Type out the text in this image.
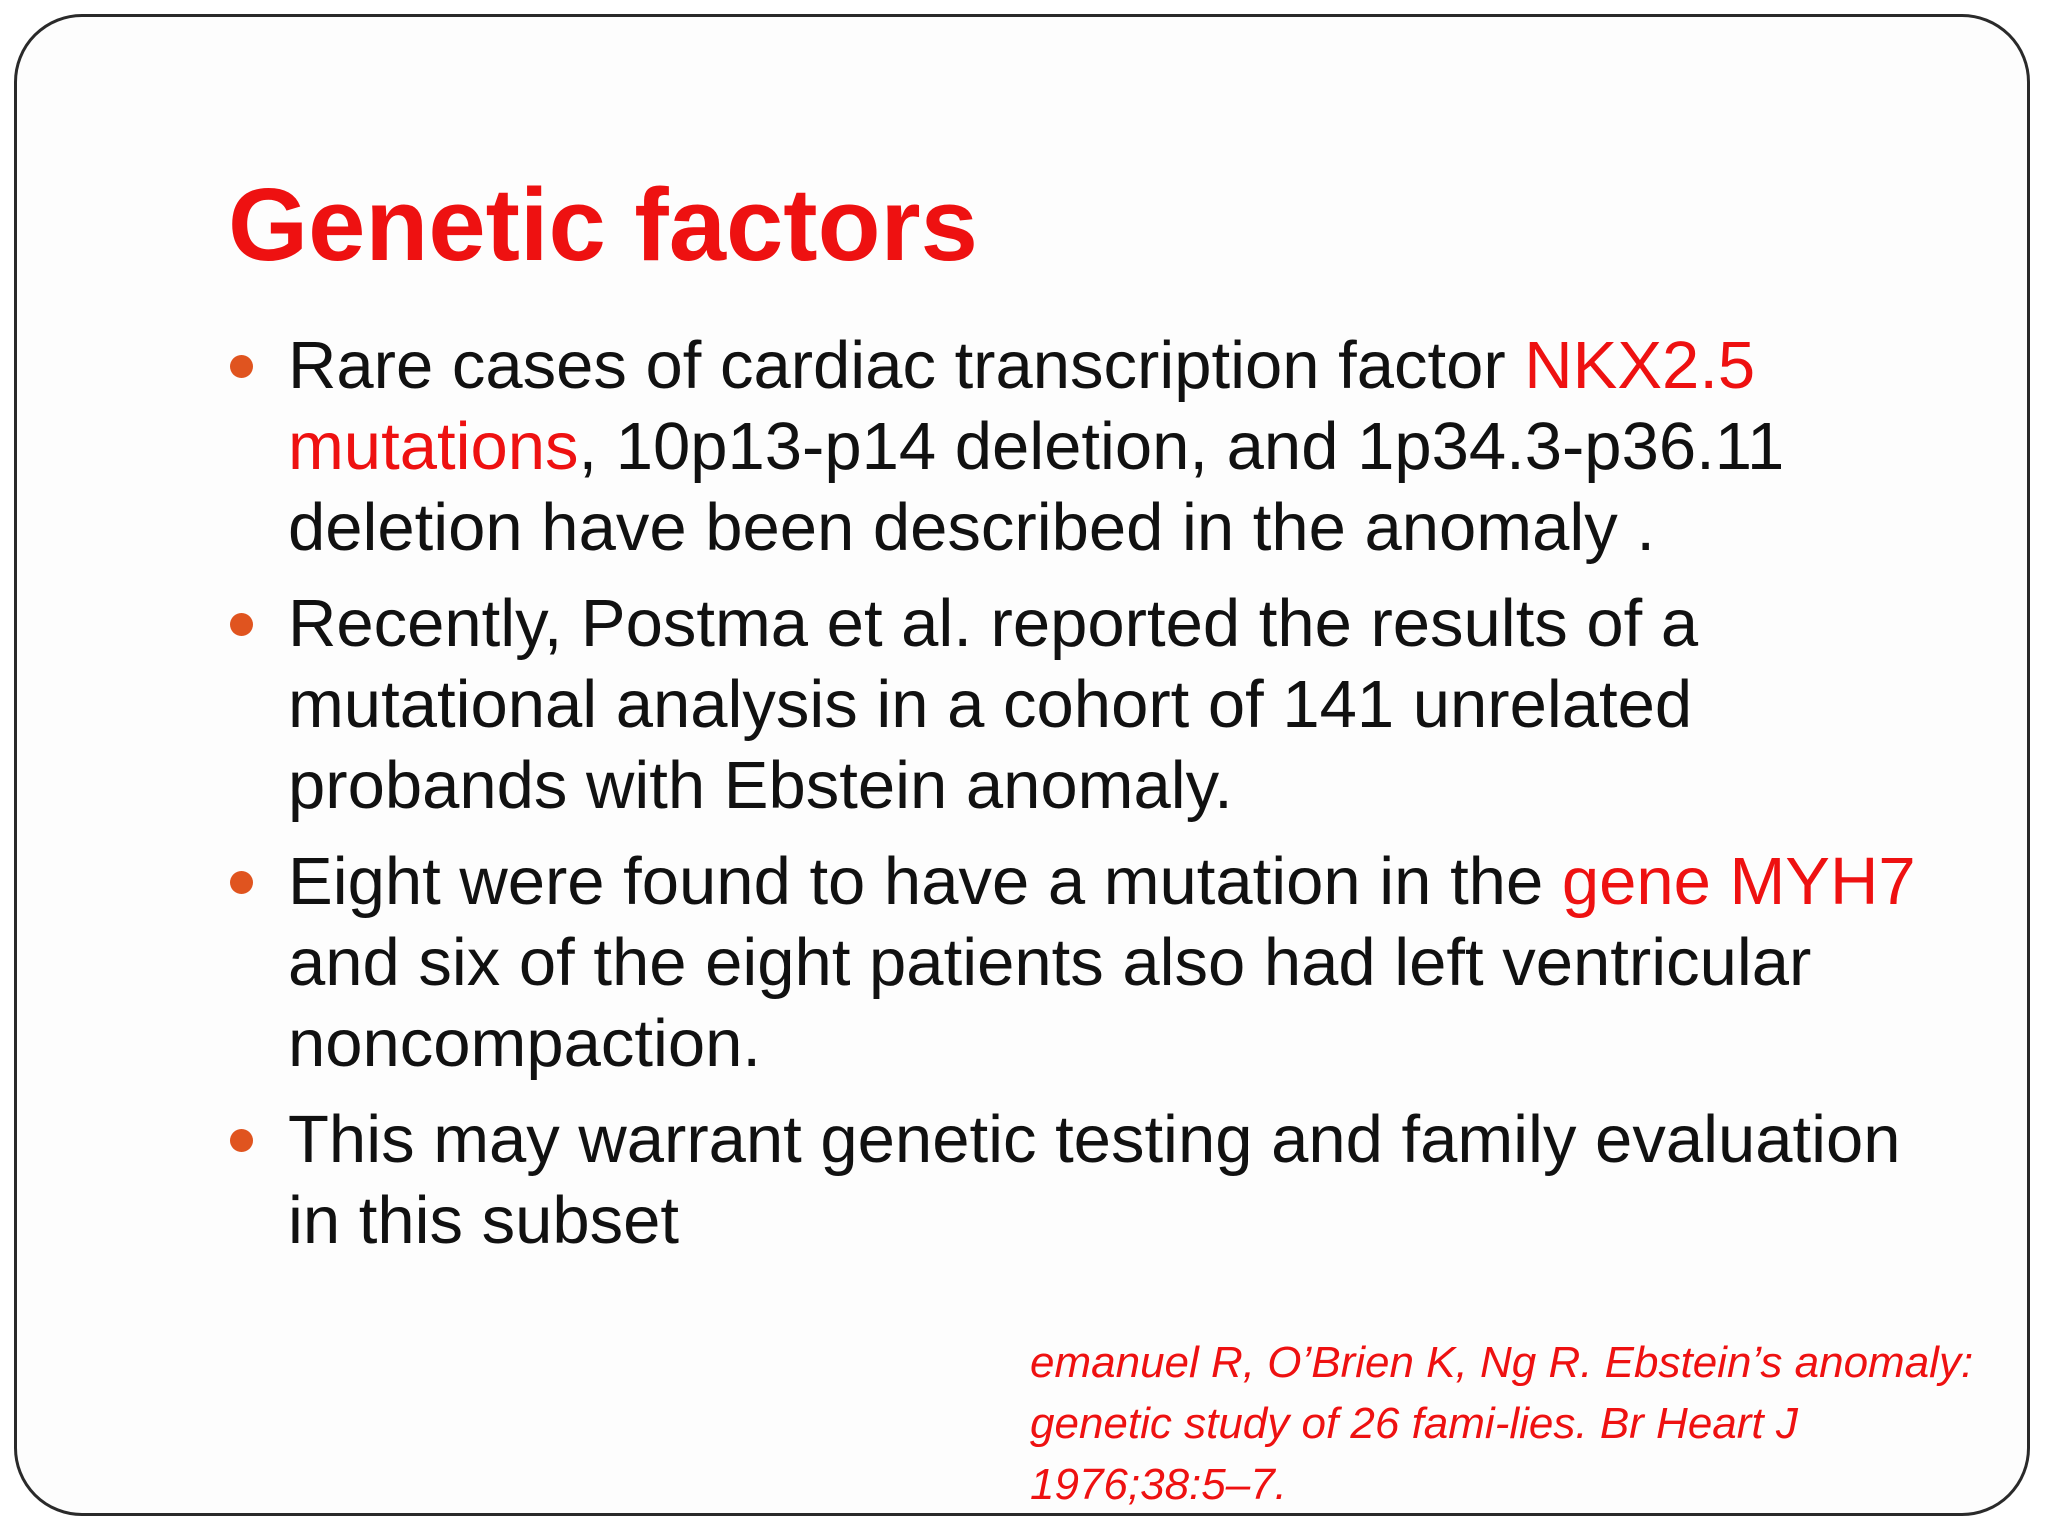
Genetic factors
Rare cases of cardiac transcription factor NKX2.5 mutations, 10p13-p14 deletion, and 1p34.3-p36.11 deletion have been described in the anomaly .
Recently, Postma et al. reported the results of a mutational analysis in a cohort of 141 unrelated probands with Ebstein anomaly.
Eight were found to have a mutation in the gene MYH7 and six of the eight patients also had left ventricular noncompaction.
This may warrant genetic testing and family evaluation in this subset

emanuel R, O’Brien K, Ng R. Ebstein’s anomaly: genetic study of 26 fami-lies. Br Heart J 1976;38:5–7.
